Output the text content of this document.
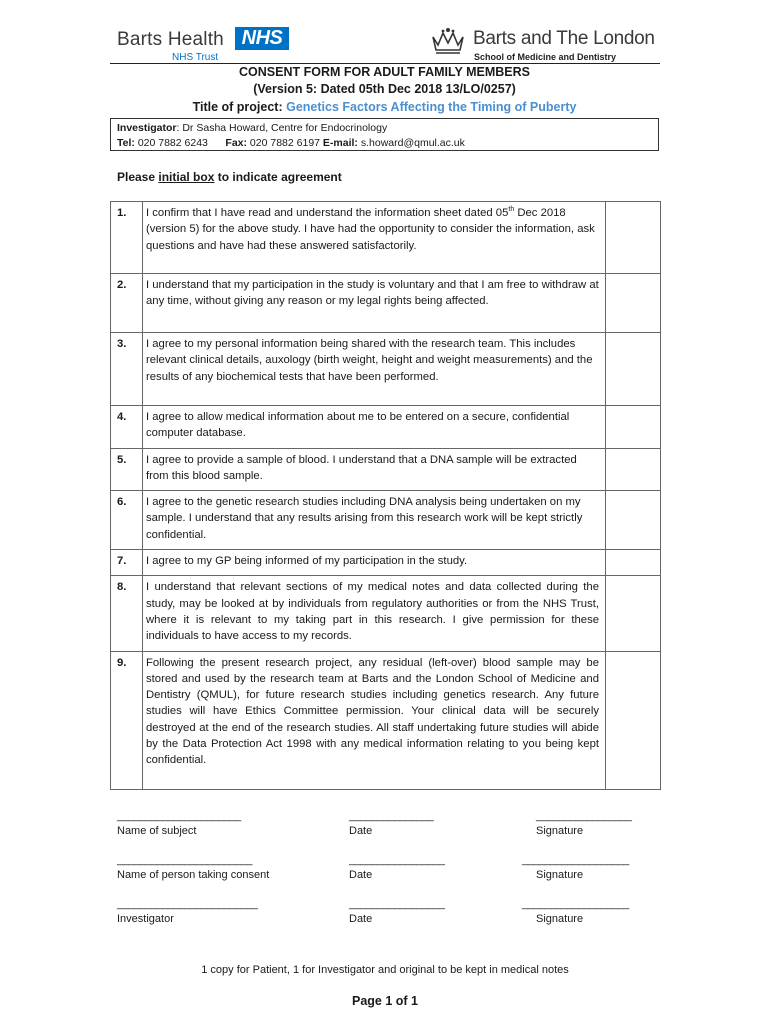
Barts Health NHS
NHS Trust
Barts and The London
School of Medicine and Dentistry
CONSENT FORM FOR ADULT FAMILY MEMBERS
(Version 5: Dated 05th Dec 2018 13/LO/0257)
Title of project: Genetics Factors Affecting the Timing of Puberty
Investigator: Dr Sasha Howard, Centre for Endocrinology
Tel: 020 7882 6243 Fax: 020 7882 6197 E-mail: s.howard@qmul.ac.uk
Please initial box to indicate agreement
1.	I confirm that I have read and understand the information sheet dated 05th Dec 2018 (version 5) for the above study. I have had the opportunity to consider the information, ask questions and have had these answered satisfactorily.	
2.	I understand that my participation in the study is voluntary and that I am free to withdraw at any time, without giving any reason or my legal rights being affected.	
3.	I agree to my personal information being shared with the research team. This includes relevant clinical details, auxology (birth weight, height and weight measurements) and the results of any biochemical tests that have been performed.	
4.	I agree to allow medical information about me to be entered on a secure, confidential computer database.	
5.	I agree to provide a sample of blood. I understand that a DNA sample will be extracted from this blood sample.	
6.	I agree to the genetic research studies including DNA analysis being undertaken on my sample. I understand that any results arising from this research work will be kept strictly confidential.	
7.	I agree to my GP being informed of my participation in the study.	
8.	I understand that relevant sections of my medical notes and data collected during the study, may be looked at by individuals from regulatory authorities or from the NHS Trust, where it is relevant to my taking part in this research. I give permission for these individuals to have access to my records.	
9.	Following the present research project, any residual (left-over) blood sample may be stored and used by the research team at Barts and the London School of Medicine and Dentistry (QMUL), for future research studies including genetics research. Any future studies will have Ethics Committee permission. Your clinical data will be securely destroyed at the end of the research studies. All staff undertaking future studies will abide by the Data Protection Act 1998 with any medical information relating to you being kept confidential.	
______________________
Name of subject
_______________
Date
_________________
Signature
________________________
Name of person taking consent
_________________
Date
___________________
Signature
_________________________
Investigator
_________________
Date
___________________
Signature
1 copy for Patient, 1 for Investigator and original to be kept in medical notes
Page 1 of 1
